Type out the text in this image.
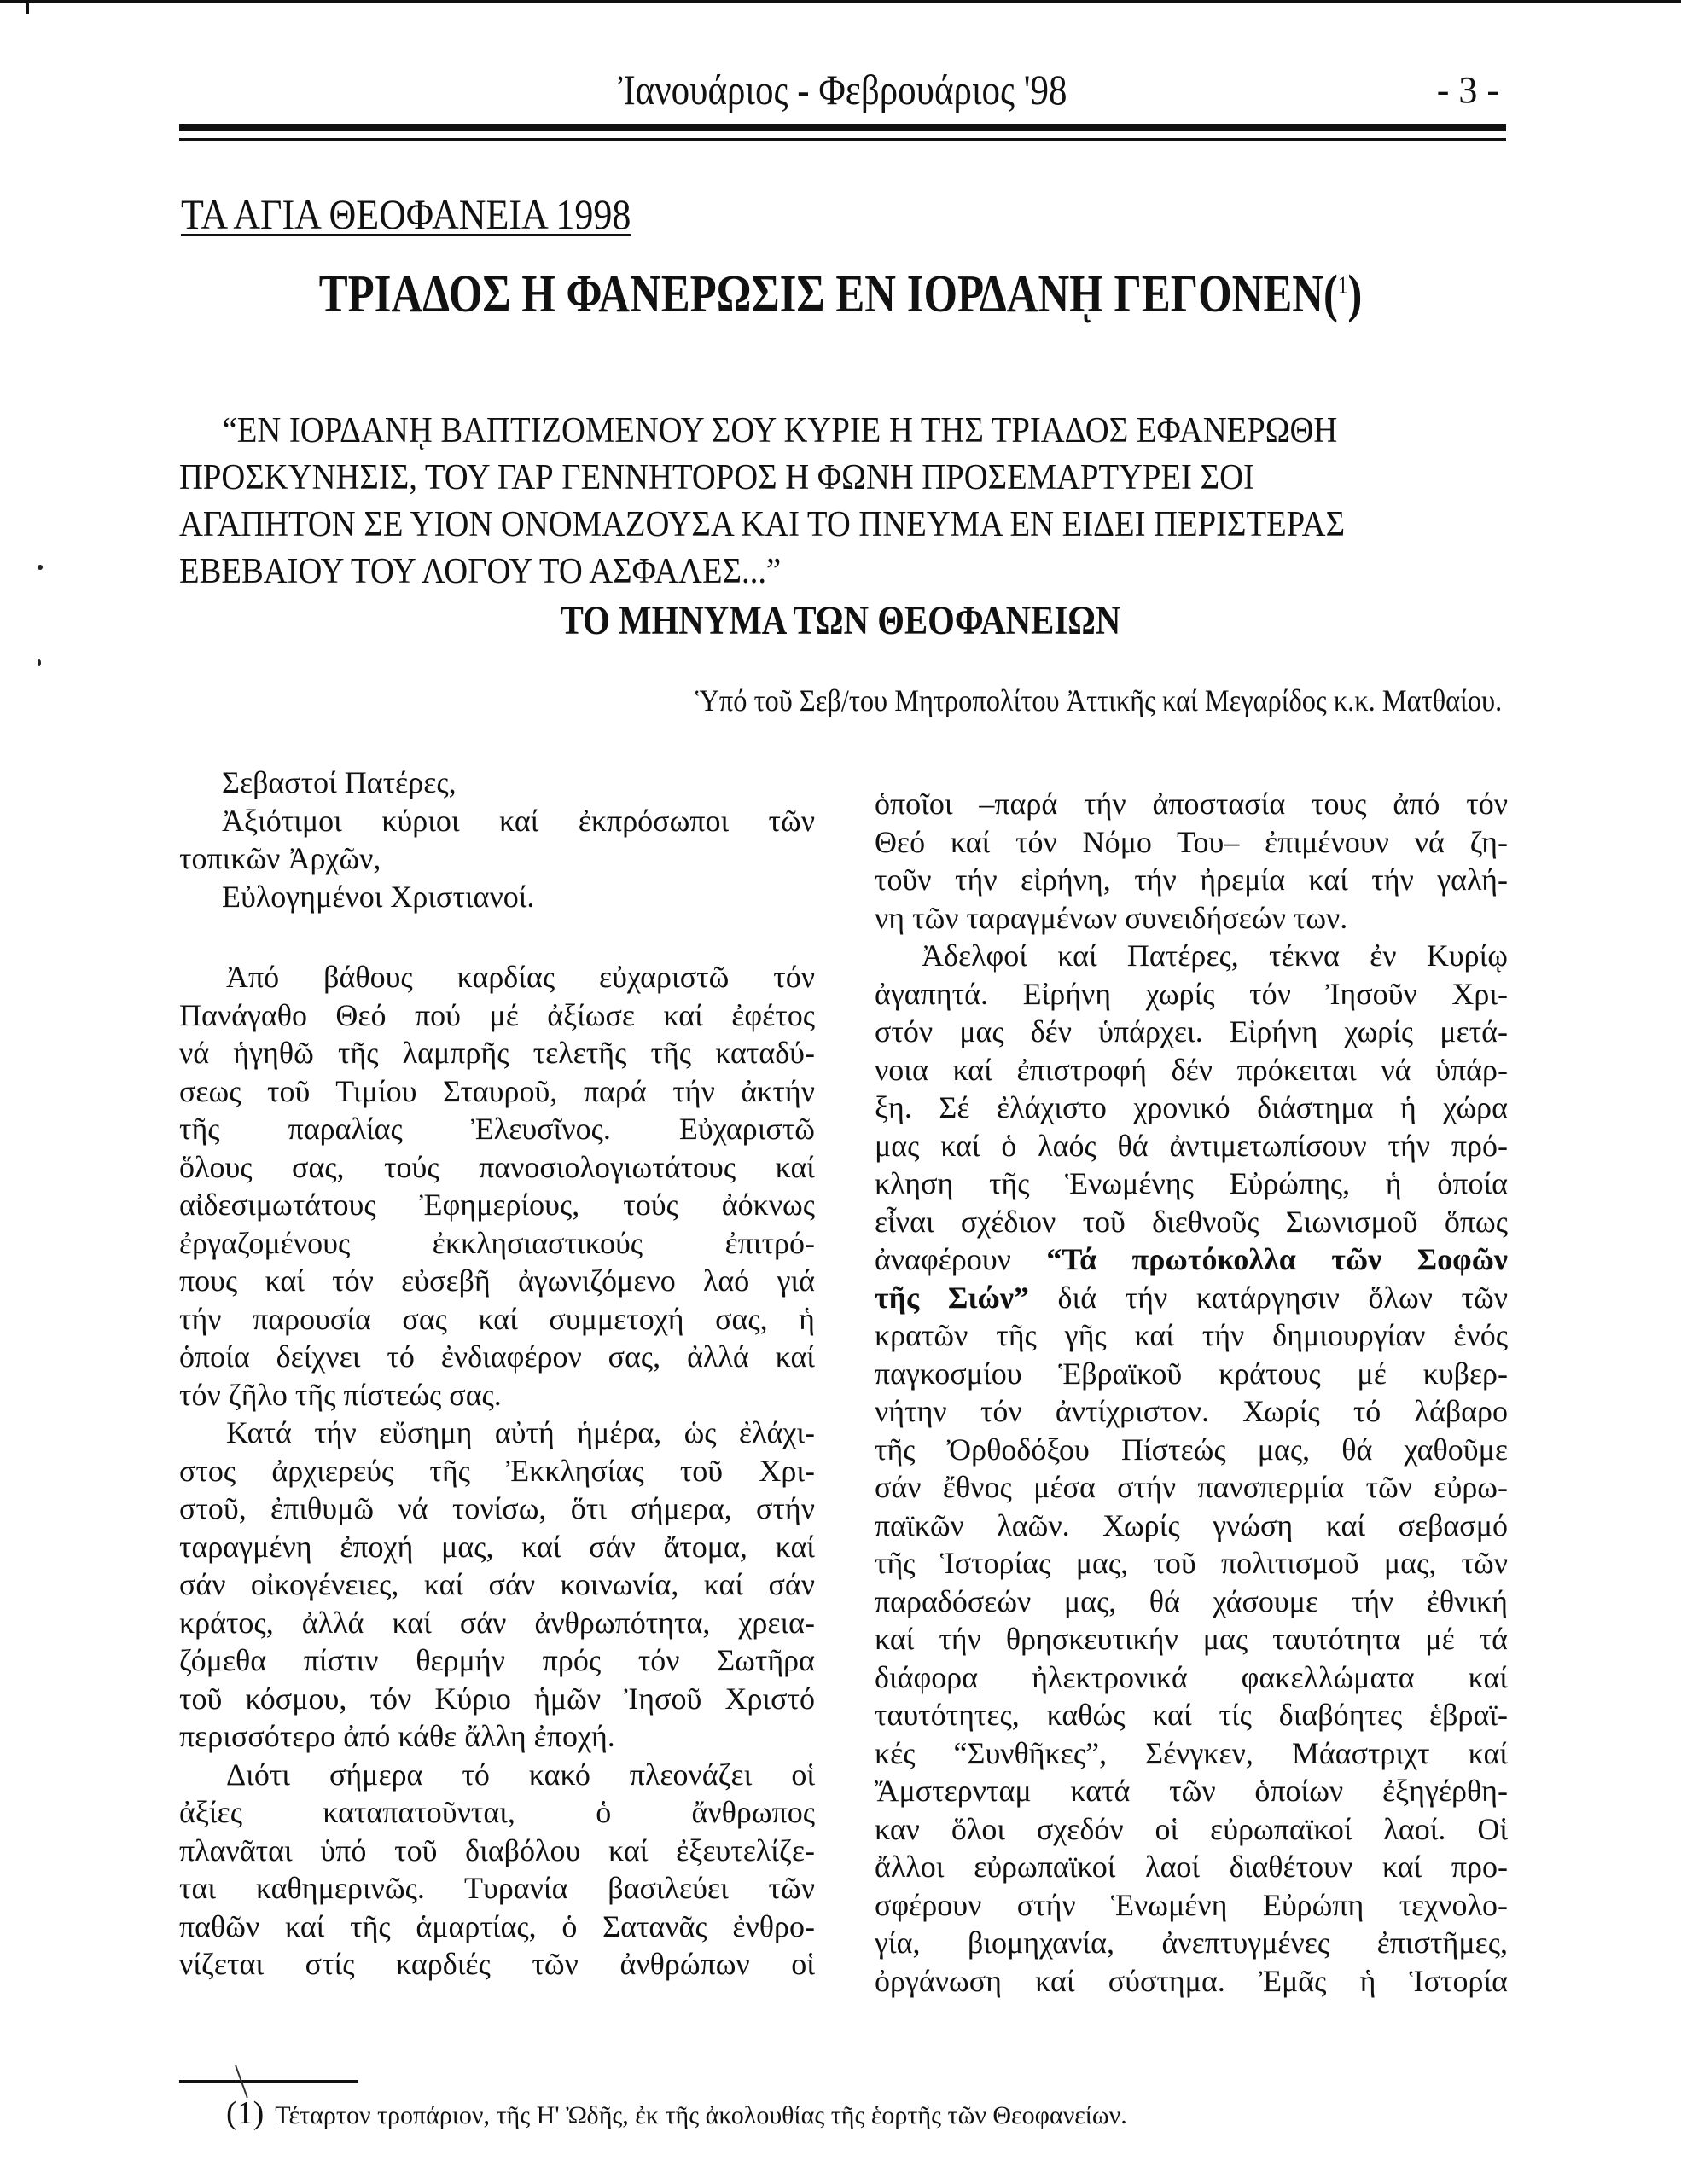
Ἰανουάριος - Φεβρουάριος '98	- 3 -
ΤΑ ΑΓΙΑ ΘΕΟΦΑΝΕΙΑ 1998
ΤΡΙΑΔΟΣ Η ΦΑΝΕΡΩΣΙΣ ΕΝ ΙΟΡΔΑΝῌ ΓΕΓΟΝΕΝ($^1$)
“ΕΝ ΙΟΡΔΑΝῌ ΒΑΠΤΙΖΟΜΕΝΟΥ ΣΟΥ ΚΥΡΙΕ Η ΤΗΣ ΤΡΙΑΔΟΣ ΕΦΑΝΕΡΩΘΗ
ΠΡΟΣΚΥΝΗΣΙΣ, ΤΟΥ ΓΑΡ ΓΕΝΝΗΤΟΡΟΣ Η ΦΩΝΗ ΠΡΟΣΕΜΑΡΤΥΡΕΙ ΣΟΙ
ΑΓΑΠΗΤΟΝ ΣΕ ΥΙΟΝ ΟΝΟΜΑΖΟΥΣΑ ΚΑΙ ΤΟ ΠΝΕΥΜΑ ΕΝ ΕΙΔΕΙ ΠΕΡΙΣΤΕΡΑΣ
ΕΒΕΒΑΙΟΥ ΤΟΥ ΛΟΓΟΥ ΤΟ ΑΣΦΑΛΕΣ...”
ΤΟ ΜΗΝΥΜΑ ΤΩΝ ΘΕΟΦΑΝΕΙΩΝ
Ὑπό τοῦ Σεβ/του Μητροπολίτου Ἀττικῆς καί Μεγαρίδος κ.κ. Ματθαίου.
Σεβαστοί Πατέρες,
Ἀξιότιμοι κύριοι καί ἐκπρόσωποι τῶν
τοπικῶν Ἀρχῶν,
Εὐλογημένοι Χριστιανοί.
Ἀπό βάθους καρδίας εὐχαριστῶ τόν
Πανάγαθο Θεό πού μέ ἀξίωσε καί ἐφέτος
νά ἡγηθῶ τῆς λαμπρῆς τελετῆς τῆς καταδύ-
σεως τοῦ Τιμίου Σταυροῦ, παρά τήν ἀκτήν
τῆς παραλίας Ἐλευσῖνος. Εὐχαριστῶ
ὅλους σας, τούς πανοσιολογιωτάτους καί
αἰδεσιμωτάτους Ἐφημερίους, τούς ἀόκνως
ἐργαζομένους ἐκκλησιαστικούς ἐπιτρό-
πους καί τόν εὐσεβῆ ἀγωνιζόμενο λαό γιά
τήν παρουσία σας καί συμμετοχή σας, ἡ
ὁποία δείχνει τό ἐνδιαφέρον σας, ἀλλά καί
τόν ζῆλο τῆς πίστεώς σας.
Κατά τήν εὔσημη αὐτή ἡμέρα, ὡς ἐλάχι-
στος ἀρχιερεύς τῆς Ἐκκλησίας τοῦ Χρι-
στοῦ, ἐπιθυμῶ νά τονίσω, ὅτι σήμερα, στήν
ταραγμένη ἐποχή μας, καί σάν ἄτομα, καί
σάν οἰκογένειες, καί σάν κοινωνία, καί σάν
κράτος, ἀλλά καί σάν ἀνθρωπότητα, χρεια-
ζόμεθα πίστιν θερμήν πρός τόν Σωτῆρα
τοῦ κόσμου, τόν Κύριο ἡμῶν Ἰησοῦ Χριστό
περισσότερο ἀπό κάθε ἄλλη ἐποχή.
Διότι σήμερα τό κακό πλεονάζει οἱ
ἀξίες καταπατοῦνται, ὁ ἄνθρωπος
πλανᾶται ὑπό τοῦ διαβόλου καί ἐξευτελίζε-
ται καθημερινῶς. Τυρανία βασιλεύει τῶν
παθῶν καί τῆς ἁμαρτίας, ὁ Σατανᾶς ἐνθρο-
νίζεται στίς καρδιές τῶν ἀνθρώπων οἱ
ὁποῖοι –παρά τήν ἀποστασία τους ἀπό τόν
Θεό καί τόν Νόμο Του– ἐπιμένουν νά ζη-
τοῦν τήν εἰρήνη, τήν ἠρεμία καί τήν γαλή-
νη τῶν ταραγμένων συνειδήσεών των.
Ἀδελφοί καί Πατέρες, τέκνα ἐν Κυρίῳ
ἀγαπητά. Εἰρήνη χωρίς τόν Ἰησοῦν Χρι-
στόν μας δέν ὑπάρχει. Εἰρήνη χωρίς μετά-
νοια καί ἐπιστροφή δέν πρόκειται νά ὑπάρ-
ξη. Σέ ἐλάχιστο χρονικό διάστημα ἡ χώρα
μας καί ὁ λαός θά ἀντιμετωπίσουν τήν πρό-
κληση τῆς Ἑνωμένης Εὐρώπης, ἡ ὁποία
εἶναι σχέδιον τοῦ διεθνοῦς Σιωνισμοῦ ὅπως
ἀναφέρουν “Τά πρωτόκολλα τῶν Σοφῶν
τῆς Σιών” διά τήν κατάργησιν ὅλων τῶν
κρατῶν τῆς γῆς καί τήν δημιουργίαν ἑνός
παγκοσμίου Ἑβραϊκοῦ κράτους μέ κυβερ-
νήτην τόν ἀντίχριστον. Χωρίς τό λάβαρο
τῆς Ὀρθοδόξου Πίστεώς μας, θά χαθοῦμε
σάν ἔθνος μέσα στήν πανσπερμία τῶν εὐρω-
παϊκῶν λαῶν. Χωρίς γνώση καί σεβασμό
τῆς Ἱστορίας μας, τοῦ πολιτισμοῦ μας, τῶν
παραδόσεών μας, θά χάσουμε τήν ἐθνική
καί τήν θρησκευτικήν μας ταυτότητα μέ τά
διάφορα ἠλεκτρονικά φακελλώματα καί
ταυτότητες, καθώς καί τίς διαβόητες ἑβραϊ-
κές “Συνθῆκες”, Σένγκεν, Μάαστριχτ καί
Ἄμστερνταμ κατά τῶν ὁποίων ἐξηγέρθη-
καν ὅλοι σχεδόν οἱ εὐρωπαϊκοί λαοί. Οἱ
ἄλλοι εὐρωπαϊκοί λαοί διαθέτουν καί προ-
σφέρουν στήν Ἑνωμένη Εὐρώπη τεχνολο-
γία, βιομηχανία, ἀνεπτυγμένες ἐπιστῆμες,
ὀργάνωση καί σύστημα. Ἐμᾶς ἡ Ἱστορία
(1) Τέταρτον τροπάριον, τῆς Η' Ὠδῆς, ἐκ τῆς ἀκολουθίας τῆς ἑορτῆς τῶν Θεοφανείων.
